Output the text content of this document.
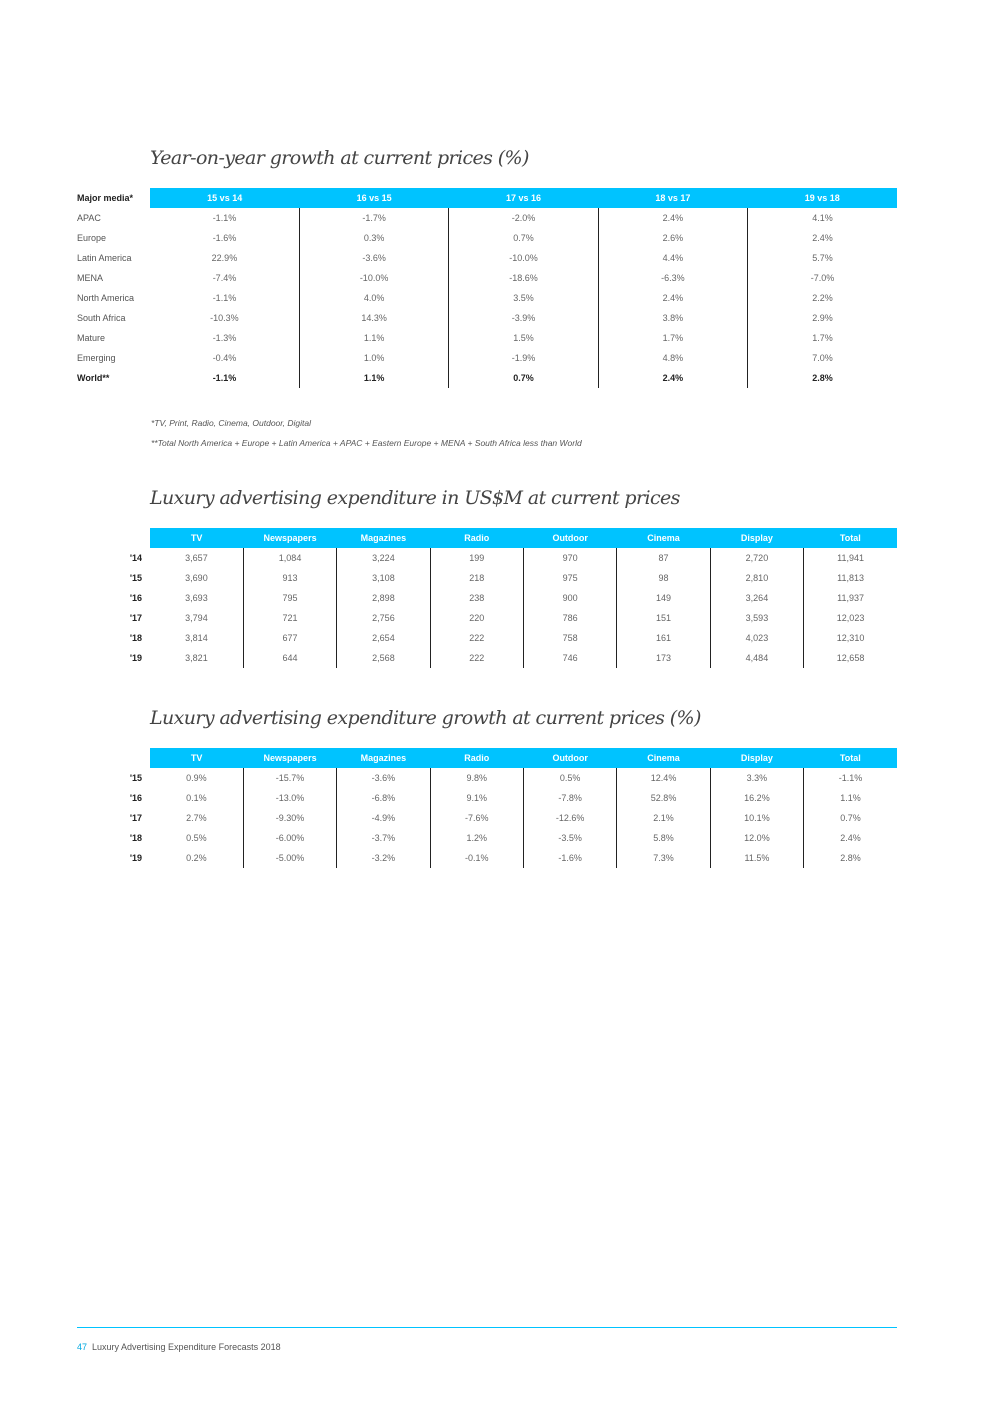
Year-on-year growth at current prices (%)
Major media*	15 vs 14	16 vs 15	17 vs 16	18 vs 17	19 vs 18
APAC	-1.1%	-1.7%	-2.0%	2.4%	4.1%
Europe	-1.6%	0.3%	0.7%	2.6%	2.4%
Latin America	22.9%	-3.6%	-10.0%	4.4%	5.7%
MENA	-7.4%	-10.0%	-18.6%	-6.3%	-7.0%
North America	-1.1%	4.0%	3.5%	2.4%	2.2%
South Africa	-10.3%	14.3%	-3.9%	3.8%	2.9%
Mature	-1.3%	1.1%	1.5%	1.7%	1.7%
Emerging	-0.4%	1.0%	-1.9%	4.8%	7.0%
World**	-1.1%	1.1%	0.7%	2.4%	2.8%
*TV, Print, Radio, Cinema, Outdoor, Digital
**Total North America + Europe + Latin America + APAC + Eastern Europe + MENA + South Africa less than World
Luxury advertising expenditure in US$M at current prices
	TV	Newspapers	Magazines	Radio	Outdoor	Cinema	Display	Total
'14	3,657	1,084	3,224	199	970	87	2,720	11,941
'15	3,690	913	3,108	218	975	98	2,810	11,813
'16	3,693	795	2,898	238	900	149	3,264	11,937
'17	3,794	721	2,756	220	786	151	3,593	12,023
'18	3,814	677	2,654	222	758	161	4,023	12,310
'19	3,821	644	2,568	222	746	173	4,484	12,658
Luxury advertising expenditure growth at current prices (%)
	TV	Newspapers	Magazines	Radio	Outdoor	Cinema	Display	Total
'15	0.9%	-15.7%	-3.6%	9.8%	0.5%	12.4%	3.3%	-1.1%
'16	0.1%	-13.0%	-6.8%	9.1%	-7.8%	52.8%	16.2%	1.1%
'17	2.7%	-9.30%	-4.9%	-7.6%	-12.6%	2.1%	10.1%	0.7%
'18	0.5%	-6.00%	-3.7%	1.2%	-3.5%	5.8%	12.0%	2.4%
'19	0.2%	-5.00%	-3.2%	-0.1%	-1.6%	7.3%	11.5%	2.8%
47 Luxury Advertising Expenditure Forecasts 2018
